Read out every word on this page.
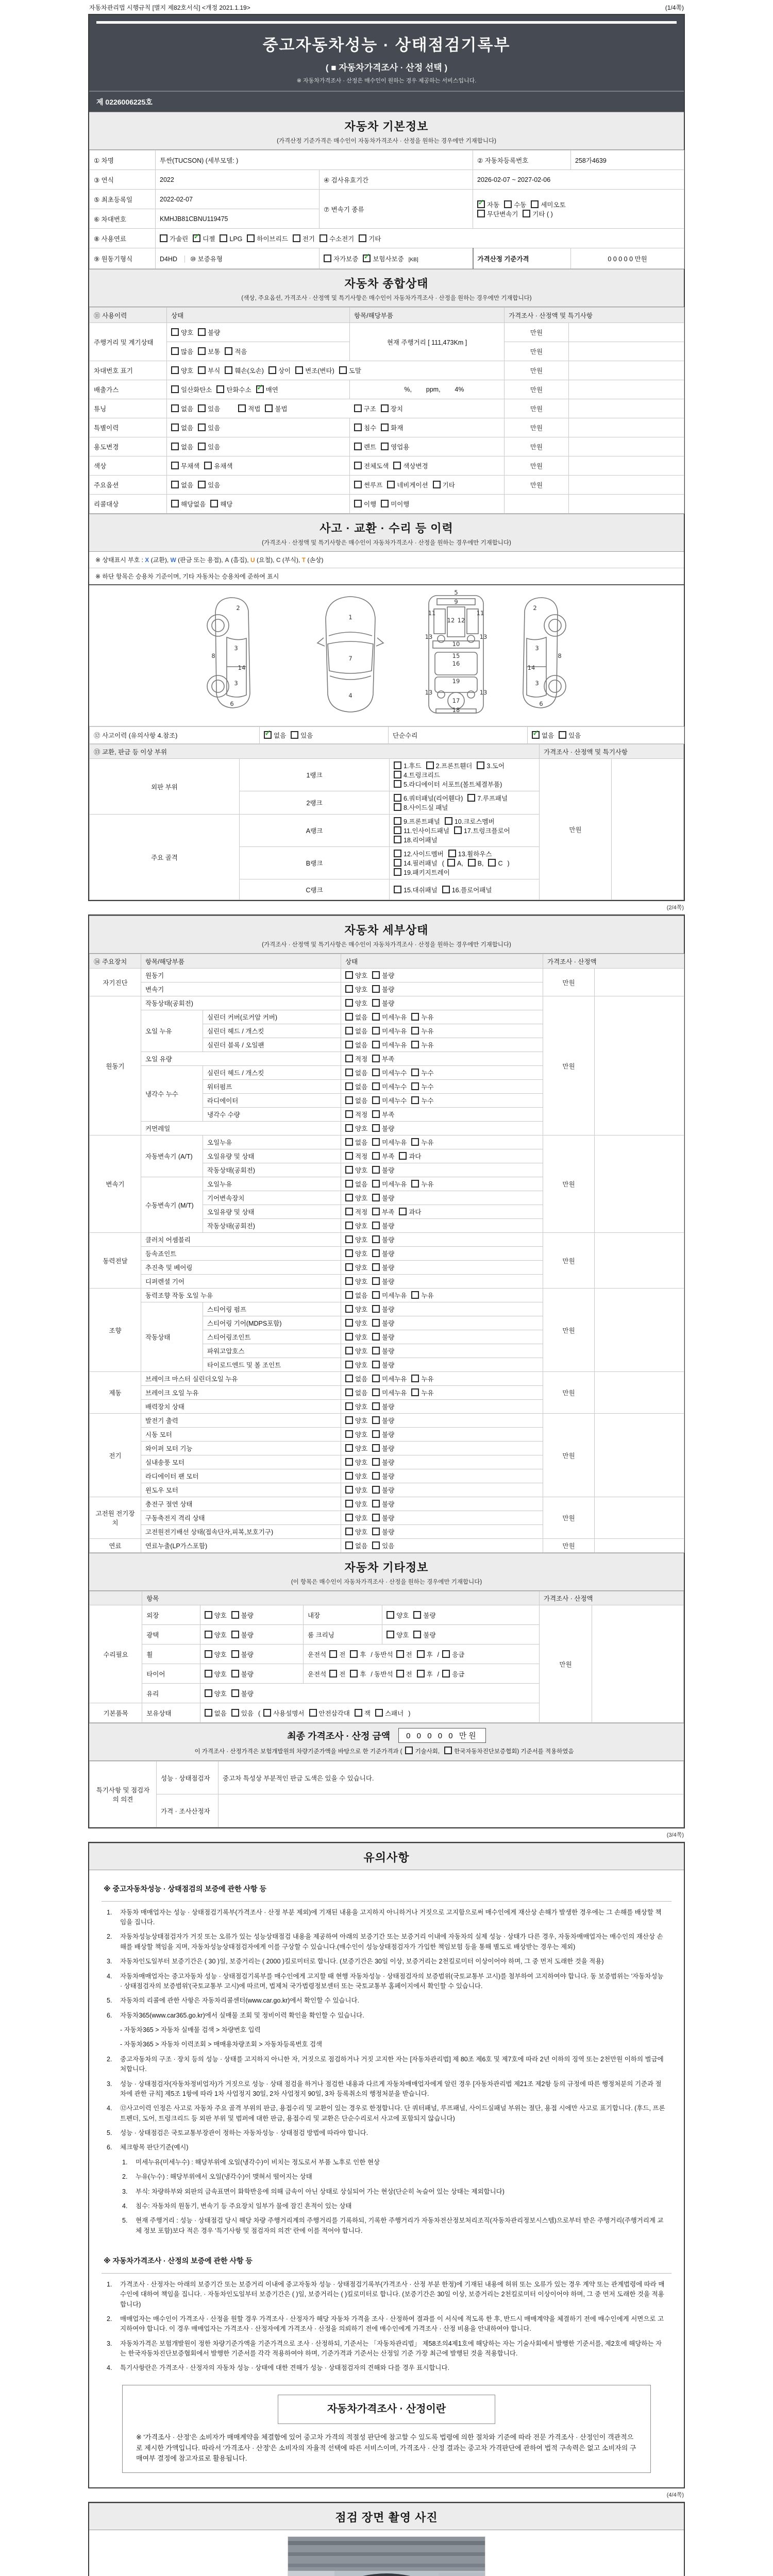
자동차관리법 시행규칙 [별지 제82호서식] <개정 2021.1.19>	(1/4쪽)
중고자동차성능 · 상태점검기록부
( ■ 자동차가격조사 · 산정 선택 )
※ 자동차가격조사 · 산정은 매수인이 원하는 경우 제공하는 서비스입니다.
제 0226006225호
자동차 기본정보
(가격산정 기준가격은 매수인이 자동차가격조사 · 산정을 원하는 경우에만 기재합니다)
① 차명	투싼(TUCSON) (세부모델: )		② 자동차등록번호	258가4639
③ 연식	2022	④ 검사유효기간	2026-02-07 ~ 2027-02-06	
⑤ 최초등록일	2022-02-07	⑦ 변속기 종류	✓자동 수동 세미오토
무단변속기 기타 ( )
⑥ 차대번호	KMHJB81CBNU119475			
⑧ 사용연료	가솔린 ✓ 디젤 LPG 하이브리드 전기 수소전기 기타
⑨ 원동기형식	D4HD    ⑩ 보증유형	자가보증 ✓ 보험사보증 [KB]	가격산정 기준가격	0 0 0 0 0 만원
자동차 종합상태
(색상, 주요옵션, 가격조사 · 산정액 및 특기사항은 매수인이 자동차가격조사 · 산정을 원하는 경우에만 기재합니다)
⑪ 사용이력	상태	항목/해당부품	가격조사 · 산정액 및 특기사항	
주행거리 및 계기상태	양호 불량	현재 주행거리 [ 111,473Km ]	만원	
	많음 보통 적음		만원	
차대번호 표기	양호 부식 훼손(오손) 상이 변조(변타) 도말		만원	
배출가스	일산화탄소 탄화수소 ✓ 매연	%,        ppm,        4%	만원	
튜닝	없음 있음 적법 불법 구조 장치		만원	
특별이력	없음 있음	침수 화재	만원	
용도변경	없음 있음	렌트 영업용	만원	
색상	무채색 유채색	전체도색 색상변경	만원	
주요옵션	없음 있음	썬루프 네비게이션 기타	만원	
리콜대상	해당없음 해당	이행 미이행		
사고 · 교환 · 수리 등 이력
(가격조사 · 산정액 및 특기사항은 매수인이 자동차가격조사 · 산정을 원하는 경우에만 기재합니다)
※ 상태표시 부호 : X (교환), W (판금 또는 용접), A (흠집), U (요철), C (부식), T (손상)
※ 하단 항목은 승용차 기준이며, 기타 자동차는 승용차에 준하여 표시
2
8
3
14
3
6
1
7
4
5
9
11	11
12 12
13	13
10
15
16
19
13	13
17
18
2
3
8
14
3
6
⑫ 사고이력 (유의사항 4.참조)	✓없음 있음	단순수리	✓없음 있음
⑬ 교환, 판금 등 이상 부위			가격조사 · 산정액 및 특기사항	
외판 부위	1랭크	1.후드 2.프론트휀더 3.도어4.트렁크리드5.라디에이터 서포트(볼트체결부품)	만원	
	2랭크	6.쿼터패널(리어휀다) 7.루프패널8.사이드실 패널		
주요 골격	A랭크	9.프론트패널 10.크로스멤버11.인사이드패널 17.트렁크플로어18.리어패널		
	B랭크	12.사이드멤버 13.휠하우스14.필러패널 ( A, B, C )19.패키지트레이		
	C랭크	15.대쉬패널 16.플로어패널		
(2/4쪽)
자동차 세부상태
(가격조사 · 산정액 및 특기사항은 매수인이 자동차가격조사 · 산정을 원하는 경우에만 기재합니다)
⑭ 주요장치	항목/해당부품		상태	가격조사 · 산정액	
자기진단	원동기		양호 불량	만원	
	변속기		양호 불량		
원동기	작동상태(공회전)		양호 불량	만원	
	오일 누유	실린더 커버(로커암 커버)	없음 미세누유 누유		
		실린더 헤드 / 개스킷	없음 미세누유 누유		
		실린더 블록 / 오일팬	없음 미세누유 누유		
	오일 유량		적정 부족		
	냉각수 누수	실린더 헤드 / 개스킷	없음 미세누수 누수		
		워터펌프	없음 미세누수 누수		
		라디에이터	없음 미세누수 누수		
		냉각수 수량	적정 부족		
	커먼레일		양호 불량		
변속기	자동변속기 (A/T)	오일누유	없음 미세누유 누유	만원	
		오일유량 및 상태	적정 부족 과다		
		작동상태(공회전)	양호 불량		
	수동변속기 (M/T)	오일누유	없음 미세누유 누유		
		기어변속장치	양호 불량		
		오일유량 및 상태	적정 부족 과다		
		작동상태(공회전)	양호 불량		
동력전달	클러치 어셈블리		양호 불량	만원	
	등속죠인트		양호 불량		
	추진축 및 베어링		양호 불량		
	디퍼렌셜 기어		양호 불량		
조향	동력조향 작동 오일 누유		없음 미세누유 누유	만원	
	작동상태	스티어링 펌프	양호 불량		
		스티어링 기어(MDPS포함)	양호 불량		
		스티어링조인트	양호 불량		
		파워고압호스	양호 불량		
		타이로드엔드 및 볼 조인트	양호 불량		
제동	브레이크 마스터 실린더오일 누유		없음 미세누유 누유	만원	
	브레이크 오일 누유		없음 미세누유 누유		
	배력장치 상태		양호 불량		
전기	발전기 출력		양호 불량	만원	
	시동 모터		양호 불량		
	와이퍼 모터 기능		양호 불량		
	실내송풍 모터		양호 불량		
	라디에이터 팬 모터		양호 불량		
	윈도우 모터		양호 불량		
고전원 전기장치	충전구 절연 상태		양호 불량	만원	
	구동축전지 격리 상태		양호 불량		
	고전원전기배선 상태(접속단자,피복,보호기구)		양호 불량		
연료	연료누출(LP가스포함)		없음 있음	만원	
자동차 기타정보
(이 항목은 매수인이 자동차가격조사 · 산정을 원하는 경우에만 기재합니다)
	항목				가격조사 · 산정액	
수리필요	외장	양호 불량	내장	양호 불량	만원	
	광택	양호 불량	룸 크리닝	양호 불량		
	휠	양호 불량	운전석 전 후 / 동반석 전 후 / 응급			
	타이어	양호 불량	운전석 전 후 / 동반석 전 후 / 응급			
	유리	양호 불량				
기본품목	보유상태	없음 있음 ( 사용설명서 안전삼각대 잭 스패너 )				
최종 가격조사 · 산정 금액	0 0 0 0 0 만원
이 가격조사 · 산정가격은 보험개발원의 차량기준가액을 바탕으로 한 기준가격과 ( 기술사회, 한국자동차진단보증협회) 기준서를 적용하였음
특기사항 및 점검자의 의견	성능 · 상태점검자	중고차 특성상 부분적인 판금 도색은 있을 수 있습니다.
	가격 · 조사산정자	
(3/4쪽)
유의사항
※ 중고자동차성능 · 상태점검의 보증에 관한 사항 등
1.	자동차 매매업자는 성능 · 상태점검기록부(가격조사 · 산정 부분 제외)에 기재된 내용을 고지하지 아니하거나 거짓으로 고지함으로써 매수인에게 재산상 손해가 발생한 경우에는 그 손해를 배상할 책임을 집니다.
2.	자동차성능상태점검자가 거짓 또는 오류가 있는 성능상태점검 내용을 제공하여 아래의 보증기간 또는 보증거리 이내에 자동차의 실제 성능 · 상태가 다른 경우, 자동차매매업자는 매수인의 재산상 손해를 배상할 책임을 지며, 자동차성능상태점검자에게 이를 구상할 수 있습니다.(매수인이 성능상태점검자가 가입한 책임보험 등을 통해 별도로 배상받는 경우는 제외)
3.	자동차인도일부터 보증기간은 ( 30 )일, 보증거리는 ( 2000 )킬로미터로 합니다. (보증기간은 30일 이상, 보증거리는 2천킬로미터 이상이어야 하며, 그 중 먼저 도래한 것을 적용)
4.	자동차매매업자는 중고자동차 성능 · 상태점검기록부를 매수인에게 고지할 때 현행 자동차성능 · 상태점검자의 보증범위(국토교통부 고시)를 첨부하여 고지하여야 합니다. 동 보증범위는 '자동차성능 · 상태점검자의 보증범위'(국토교통부 고시)에 따르며, 법제처 국가법령정보센터 또는 국토교통부 홈페이지에서 확인할 수 있습니다.
5.	자동차의 리콜에 관한 사항은 자동차리콜센터(www.car.go.kr)에서 확인할 수 있습니다.
6.	자동차365(www.car365.go.kr)에서 실매물 조회 및 정비이력 확인을 확인할 수 있습니다.
- 자동차365 > 자동차 실매물 검색 > 차량번호 입력
- 자동차365 > 자동차 이력조회 > 매매용차량조회 > 자동차등록번호 검색
2.	중고자동차의 구조 · 장치 등의 성능 · 상태를 고지하지 아니한 자, 거짓으로 점검하거나 거짓 고지한 자는 [자동차관리법] 제 80조 제6호 및 제7호에 따라 2년 이하의 징역 또는 2천만원 이하의 벌금에 처합니다.
3.	성능 · 상태점검자(자동차정비업자)가 거짓으로 성능 · 상태 점검을 하거나 점검한 내용과 다르게 자동차매매업자에게 알린 경우 [자동차관리법 제21조 제2항 등의 규정에 따른 행정처분의 기준과 절차에 관한 규칙] 제5조 1항에 따라 1차 사업정지 30일, 2차 사업정지 90일, 3차 등록취소의 행정처분을 받습니다.
4.	⑫사고이력 인정은 사고로 자동차 주요 골격 부위의 판금, 용접수리 및 교환이 있는 경우로 한정합니다. 단 쿼터패널, 루프패널, 사이드실패널 부위는 절단, 용접 시에만 사고로 표기합니다. (후드, 프론트펜더, 도어, 트렁크리드 등 외판 부위 및 범퍼에 대한 판금, 용접수리 및 교환은 단순수리로서 사고에 포함되지 않습니다)
5.	성능 · 상태점검은 국토교통부장관이 정하는 자동차성능 · 상태점검 방법에 따라야 합니다.
6.	체크항목 판단기준(예시)
1.	미세누유(미세누수) : 해당부위에 오일(냉각수)이 비치는 정도로서 부품 노후로 인한 현상
2.	누유(누수) : 해당부위에서 오일(냉각수)이 맺혀서 떨어지는 상태
3.	부식: 차량하부와 외판의 금속표면이 화학반응에 의해 금속이 아닌 상태로 상실되어 가는 현상(단순히 녹슬어 있는 상태는 제외합니다)
4.	침수: 자동차의 원동기, 변속기 등 주요장치 일부가 물에 잠긴 흔적이 있는 상태
5.	현재 주행거리 : 성능 · 상태점검 당시 해당 차량 주행거리계의 주행거리를 기록하되, 기록한 주행거리가 자동차전산정보처리조직(자동차관리정보시스템)으로부터 받은 주행거리(주행거리계 교체 정보 포함)보다 적은 경우 '특기사항 및 점검자의 의견' 란에 이를 적어야 합니다.
※ 자동차가격조사 · 산정의 보증에 관한 사항 등
1.	가격조사 · 산정자는 아래의 보증기간 또는 보증거리 이내에 중고자동차 성능 · 상태점검기록부(가격조사 · 산정 부분 한정)에 기재된 내용에 허위 또는 오류가 있는 경우 계약 또는 관계법령에 따라 매수인에 대하여 책임을 집니다. · 자동차인도일부터 보증기간은 ( )일, 보증거리는 ( )킬로미터로 합니다. (보증기간은 30일 이상, 보증거리는 2천킬로미터 이상이어야 하며, 그 중 먼저 도래한 것을 적용합니다)
2.	매매업자는 매수인이 가격조사 · 산정을 원할 경우 가격조사 · 산정자가 해당 자동차 가격을 조사 · 산정하여 결과를 이 서식에 적도록 한 후, 반드시 매매계약을 체결하기 전에 매수인에게 서면으로 고지하여야 합니다. 이 경우 매매업자는 가격조사 · 산정자에게 가격조사 · 산정을 의뢰하기 전에 매수인에게 가격조사 · 산정 비용을 안내하여야 합니다.
3.	자동차가격은 보험개발원이 정한 차량기준가액을 기준가격으로 조사 · 산정하되, 기준서는 「자동차관리법」 제58조의4제1호에 해당하는 자는 기술사회에서 발행한 기준서를, 제2호에 해당하는 자는 한국자동차진단보증협회에서 발행한 기준서를 각각 적용하여야 하며, 기준가격과 기준서는 산정일 기준 가장 최근에 발행된 것을 적용합니다.
4.	특기사항란은 가격조사 · 산정자의 자동차 성능 · 상태에 대한 견해가 성능 · 상태점검자의 견해와 다를 경우 표시합니다.
자동차가격조사 · 산정이란
※ '가격조사 · 산정'은 소비자가 매매계약을 체결함에 있어 중고차 가격의 적절성 판단에 참고할 수 있도록 법령에 의한 절차와 기준에 따라 전문 가격조사 · 산정인이 객관적으로 제시한 가액입니다. 따라서 '가격조사 · 산정'은 소비자의 자율적 선택에 따른 서비스이며, 가격조사 · 산정 결과는 중고차 가격판단에 관하여 법적 구속력은 없고 소비자의 구매여부 결정에 참고자료로 활용됩니다.
(4/4쪽)
점검 장면 촬영 사진
